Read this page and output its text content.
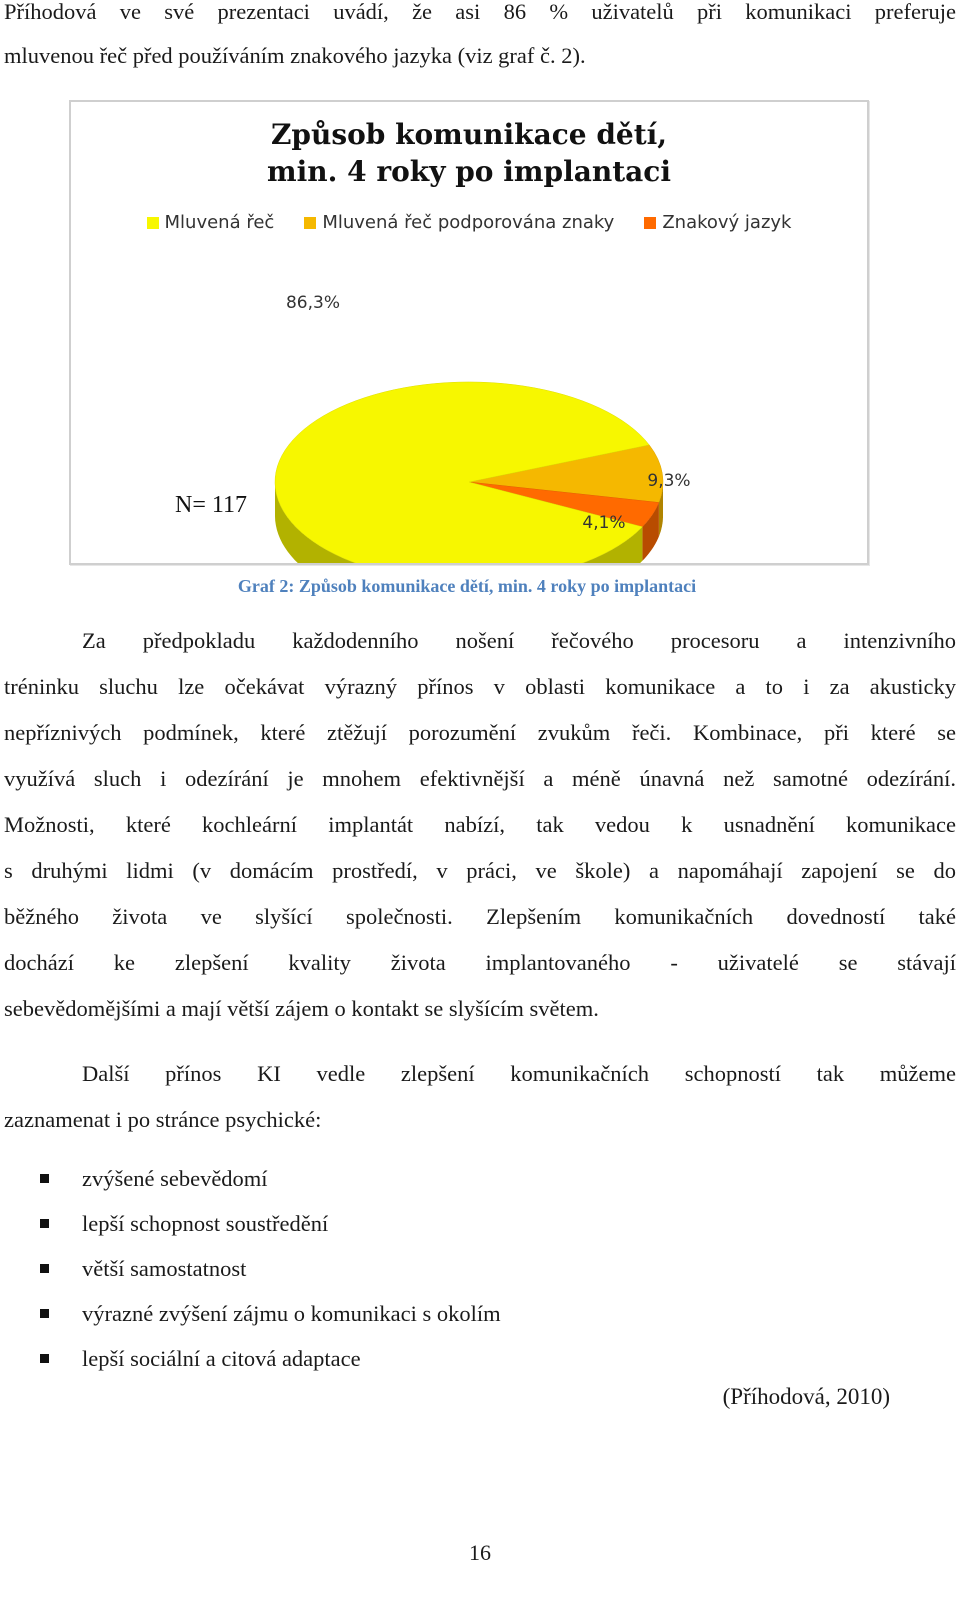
Příhodová ve své prezentaci uvádí, že asi 86 % uživatelů při komunikaci preferuje
mluvenou řeč před používáním znakového jazyka (viz graf č. 2).
Způsob komunikace dětí, min. 4 roky po implantaci
Mluvená řeč	Mluvená řeč podporována znaky	Znakový jazyk
86,3%
9,3%
4,1%
N= 117
Graf 2: Způsob komunikace dětí, min. 4 roky po implantaci
Za předpokladu každodenního nošení řečového procesoru a intenzivního
tréninku sluchu lze očekávat výrazný přínos v oblasti komunikace a to i za akusticky
nepříznivých podmínek, které ztěžují porozumění zvukům řeči. Kombinace, při které se
využívá sluch i odezírání je mnohem efektivnější a méně únavná než samotné odezírání.
Možnosti, které kochleární implantát nabízí, tak vedou k usnadnění komunikace
s druhými lidmi (v domácím prostředí, v práci, ve škole) a napomáhají zapojení se do
běžného života ve slyšící společnosti. Zlepšením komunikačních dovedností také
dochází ke zlepšení kvality života implantovaného - uživatelé se stávají
sebevědomějšími a mají větší zájem o kontakt se slyšícím světem.
Další přínos KI vedle zlepšení komunikačních schopností tak můžeme
zaznamenat i po stránce psychické:
zvýšené sebevědomí
lepší schopnost soustředění
větší samostatnost
výrazné zvýšení zájmu o komunikaci s okolím
lepší sociální a citová adaptace
(Příhodová, 2010)
16
